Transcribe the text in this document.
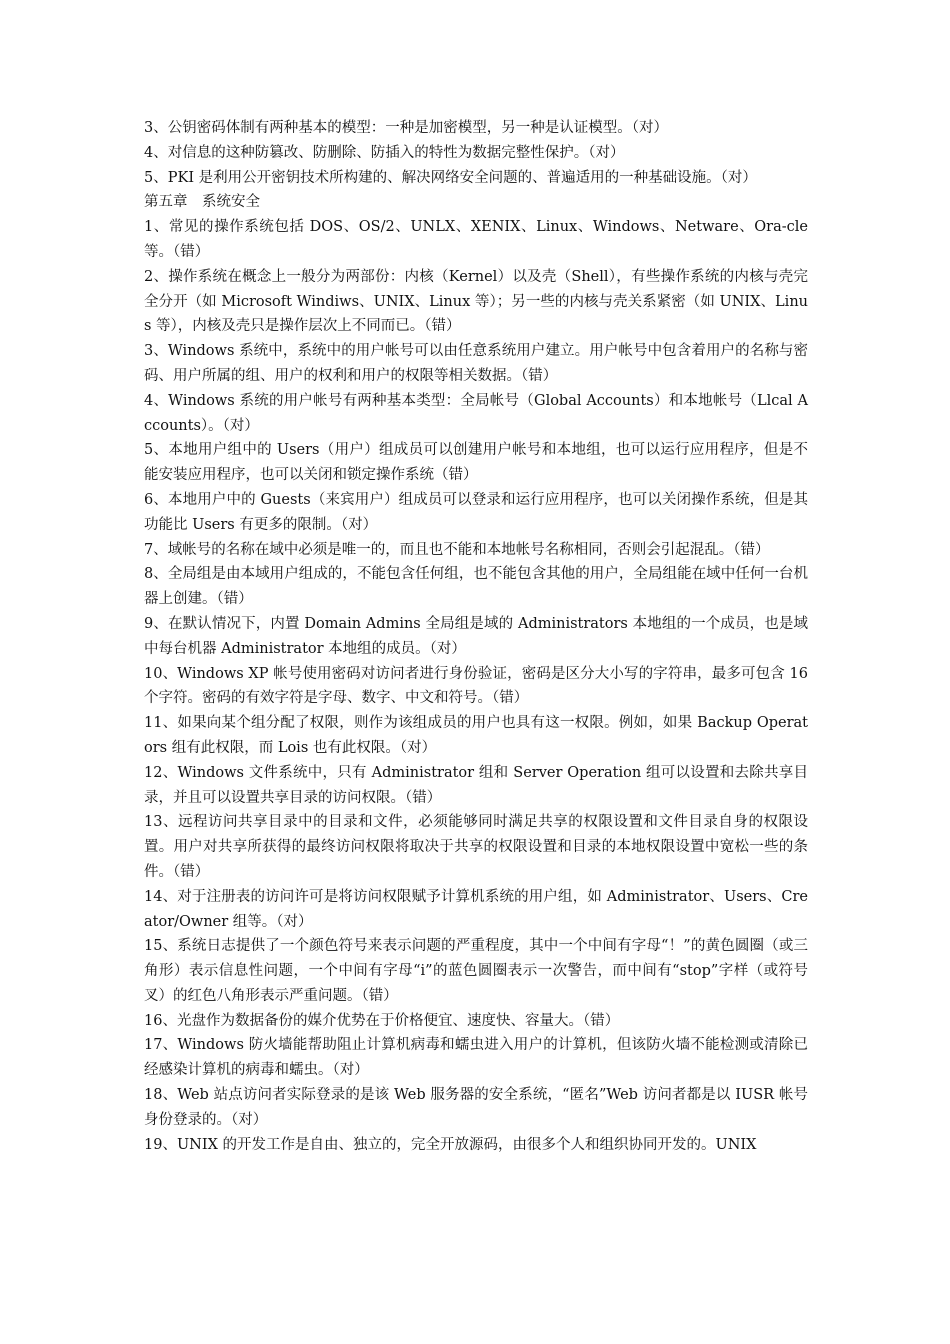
3、公钥密码体制有两种基本的模型：一种是加密模型，另一种是认证模型。（对）

4、对信息的这种防篡改、防删除、防插入的特性为数据完整性保护。（对）

5、PKI 是利用公开密钥技术所构建的、解决网络安全问题的、普遍适用的一种基础设施。（对）

第五章　系统安全

1、常见的操作系统包括 DOS、OS/2、UNLX、XENIX、Linux、Windows、Netware、Ora-cle 等。（错）

2、操作系统在概念上一般分为两部份：内核（Kernel）以及壳（Shell），有些操作系统的内核与壳完全分开（如 Microsoft Windiws、UNIX、Linux 等）；另一些的内核与壳关系紧密（如 UNIX、Linus 等），内核及壳只是操作层次上不同而已。（错）

3、Windows 系统中，系统中的用户帐号可以由任意系统用户建立。用户帐号中包含着用户的名称与密码、用户所属的组、用户的权利和用户的权限等相关数据。（错）

4、Windows 系统的用户帐号有两种基本类型：全局帐号（Global Accounts）和本地帐号（Llcal Accounts）。（对）

5、本地用户组中的 Users（用户）组成员可以创建用户帐号和本地组，也可以运行应用程序，但是不能安装应用程序，也可以关闭和锁定操作系统（错）

6、本地用户中的 Guests（来宾用户）组成员可以登录和运行应用程序，也可以关闭操作系统，但是其功能比 Users 有更多的限制。（对）

7、域帐号的名称在域中必须是唯一的，而且也不能和本地帐号名称相同，否则会引起混乱。（错）

8、全局组是由本域用户组成的，不能包含任何组，也不能包含其他的用户，全局组能在域中任何一台机器上创建。（错）

9、在默认情况下，内置 Domain Admins 全局组是域的 Administrators 本地组的一个成员，也是域中每台机器 Administrator 本地组的成员。（对）

10、Windows XP 帐号使用密码对访问者进行身份验证，密码是区分大小写的字符串，最多可包含 16 个字符。密码的有效字符是字母、数字、中文和符号。（错）

11、如果向某个组分配了权限，则作为该组成员的用户也具有这一权限。例如，如果 Backup Operators 组有此权限，而 Lois 也有此权限。（对）

12、Windows 文件系统中，只有 Administrator 组和 Server Operation 组可以设置和去除共享目录，并且可以设置共享目录的访问权限。（错）

13、远程访问共享目录中的目录和文件，必须能够同时满足共享的权限设置和文件目录自身的权限设置。用户对共享所获得的最终访问权限将取决于共享的权限设置和目录的本地权限设置中宽松一些的条件。（错）

14、对于注册表的访问许可是将访问权限赋予计算机系统的用户组，如 Administrator、Users、Creator/Owner 组等。（对）

15、系统日志提供了一个颜色符号来表示问题的严重程度，其中一个中间有字母“！”的黄色圆圈（或三角形）表示信息性问题，一个中间有字母“i”的蓝色圆圈表示一次警告，而中间有“stop”字样（或符号叉）的红色八角形表示严重问题。（错）

16、光盘作为数据备份的媒介优势在于价格便宜、速度快、容量大。（错）

17、Windows 防火墙能帮助阻止计算机病毒和蠕虫进入用户的计算机，但该防火墙不能检测或清除已经感染计算机的病毒和蠕虫。（对）

18、Web 站点访问者实际登录的是该 Web 服务器的安全系统，“匿名”Web 访问者都是以 IUSR 帐号身份登录的。（对）

19、UNIX 的开发工作是自由、独立的，完全开放源码，由很多个人和组织协同开发的。UNIX
